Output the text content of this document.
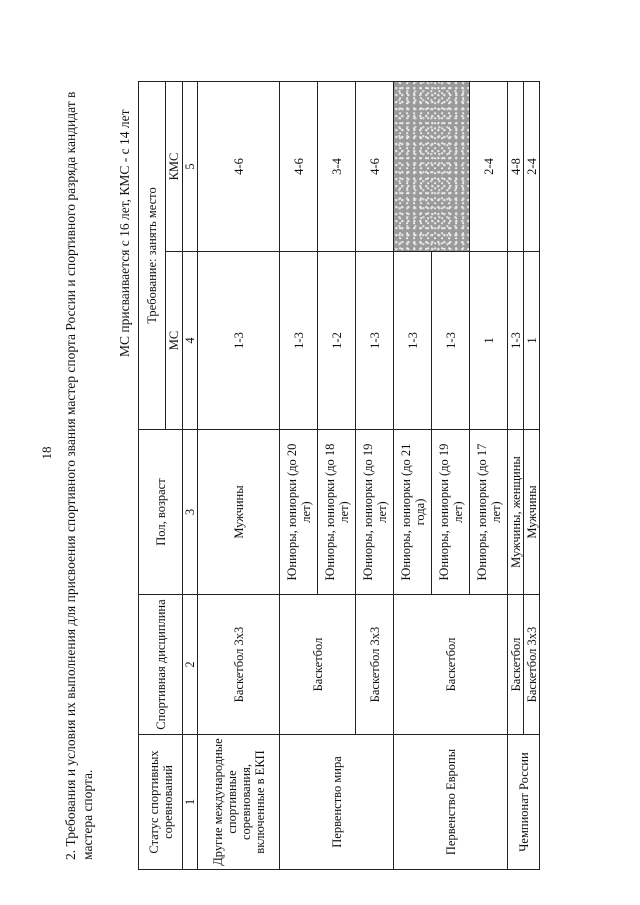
18 2. Требования и условия их выполнения для присвоения спортивного звания мастер спорта России и спортивного разряда кандидат в мастера спорта.
МС присваивается с 16 лет, КМС - с 14 лет
Статус спортивных соревнований	Спортивная дисциплина	Пол, возраст	Требование: занять место	
			МС	КМС
1	2	3	4	5
Другие международные спортивные соревнования, включенные в ЕКП	Баскетбол 3х3	Мужчины	1-3	4-6
Первенство мира	Баскетбол	Юниоры, юниорки (до 20 лет)	1-3	4-6
		Юниоры, юниорки (до 18 лет)	1-2	3-4
	Баскетбол 3х3	Юниоры, юниорки (до 19 лет)	1-3	4-6
Первенство Европы	Баскетбол	Юниоры, юниорки (до 21 года)	1-3	
		Юниоры, юниорки (до 19 лет)	1-3	
		Юниоры, юниорки (до 17 лет)	1	2-4
Чемпионат России	Баскетбол	Мужчины, женщины	1-3	4-8
	Баскетбол 3х3	Мужчины	1	2-4
